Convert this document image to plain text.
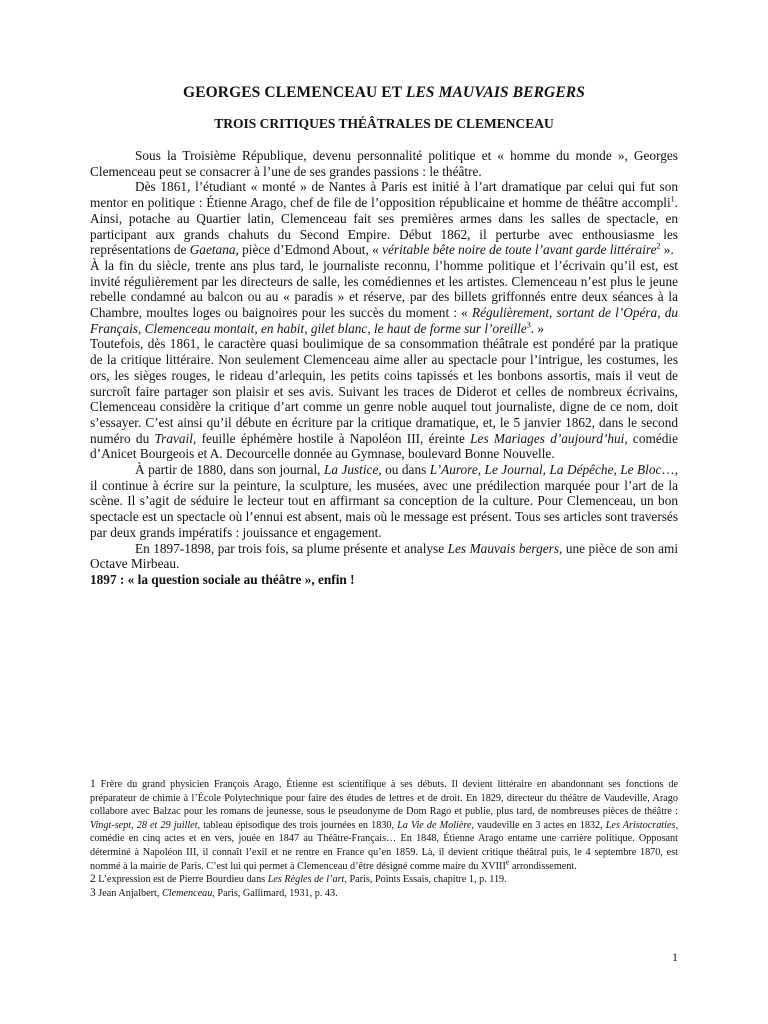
GEORGES CLEMENCEAU ET LES MAUVAIS BERGERS
TROIS CRITIQUES THÉÂTRALES DE CLEMENCEAU

Sous la Troisième République, devenu personnalité politique et « homme du monde », Georges Clemenceau peut se consacrer à l’une de ses grandes passions : le théâtre.

Dès 1861, l’étudiant « monté » de Nantes à Paris est initié à l’art dramatique par celui qui fut son mentor en politique : Étienne Arago, chef de file de l’opposition républicaine et homme de théâtre accompli$^1$. Ainsi, potache au Quartier latin, Clemenceau fait ses premières armes dans les salles de spectacle, en participant aux grands chahuts du Second Empire. Début 1862, il perturbe avec enthousiasme les représentations de Gaetana, pièce d’Edmond About, « véritable bête noire de toute l’avant garde littéraire$^2$ ».

À la fin du siècle, trente ans plus tard, le journaliste reconnu, l’homme politique et l’écrivain qu’il est, est invité régulièrement par les directeurs de salle, les comédiennes et les artistes. Clemenceau n’est plus le jeune rebelle condamné au balcon ou au « paradis » et réserve, par des billets griffonnés entre deux séances à la Chambre, moultes loges ou baignoires pour les succès du moment : « Régulièrement, sortant de l’Opéra, du Français, Clemenceau montait, en habit, gilet blanc, le haut de forme sur l’oreille$^3$. »

Toutefois, dès 1861, le caractère quasi boulimique de sa consommation théâtrale est pondéré par la pratique de la critique littéraire. Non seulement Clemenceau aime aller au spectacle pour l’intrigue, les costumes, les ors, les sièges rouges, le rideau d’arlequin, les petits coins tapissés et les bonbons assortis, mais il veut de surcroît faire partager son plaisir et ses avis. Suivant les traces de Diderot et celles de nombreux écrivains, Clemenceau considère la critique d’art comme un genre noble auquel tout journaliste, digne de ce nom, doit s’essayer. C’est ainsi qu’il débute en écriture par la critique dramatique, et, le 5 janvier 1862, dans le second numéro du Travail, feuille éphémère hostile à Napoléon III, éreinte Les Mariages d’aujourd’hui, comédie d’Anicet Bourgeois et A. Decourcelle donnée au Gymnase, boulevard Bonne Nouvelle.

À partir de 1880, dans son journal, La Justice, ou dans L’Aurore, Le Journal, La Dépêche, Le Bloc…, il continue à écrire sur la peinture, la sculpture, les musées, avec une prédilection marquée pour l’art de la scène. Il s’agit de séduire le lecteur tout en affirmant sa conception de la culture. Pour Clemenceau, un bon spectacle est un spectacle où l’ennui est absent, mais où le message est présent. Tous ses articles sont traversés par deux grands impératifs : jouissance et engagement.

En 1897-1898, par trois fois, sa plume présente et analyse Les Mauvais bergers, une pièce de son ami Octave Mirbeau.

1897 : « la question sociale au théâtre », enfin !

1 Frère du grand physicien François Arago, Étienne est scientifique à ses débuts. Il devient littéraire en abandonnant ses fonctions de préparateur de chimie à l’École Polytechnique pour faire des études de lettres et de droit. En 1829, directeur du théâtre de Vaudeville, Arago collabore avec Balzac pour les romans de jeunesse, sous le pseudonyme de Dom Rago et publie, plus tard, de nombreuses pièces de théâtre : Vingt-sept, 28 et 29 juillet, tableau épisodique des trois journées en 1830, La Vie de Molière, vaudeville en 3 actes en 1832, Les Aristocraties, comédie en cinq actes et en vers, jouée en 1847 au Théâtre-Français… En 1848, Étienne Arago entame une carrière politique. Opposant déterminé à Napoléon III, il connaît l’exil et ne rentre en France qu’en 1859. Là, il devient critique théâtral puis, le 4 septembre 1870, est nommé à la mairie de Paris. C’est lui qui permet à Clemenceau d’être désigné comme maire du XVIIIe arrondissement.

2 L’expression est de Pierre Bourdieu dans Les Règles de l’art, Paris, Points Essais, chapitre 1, p. 119.

3 Jean Anjalbert, Clemenceau, Paris, Gallimard, 1931, p. 43.

1
